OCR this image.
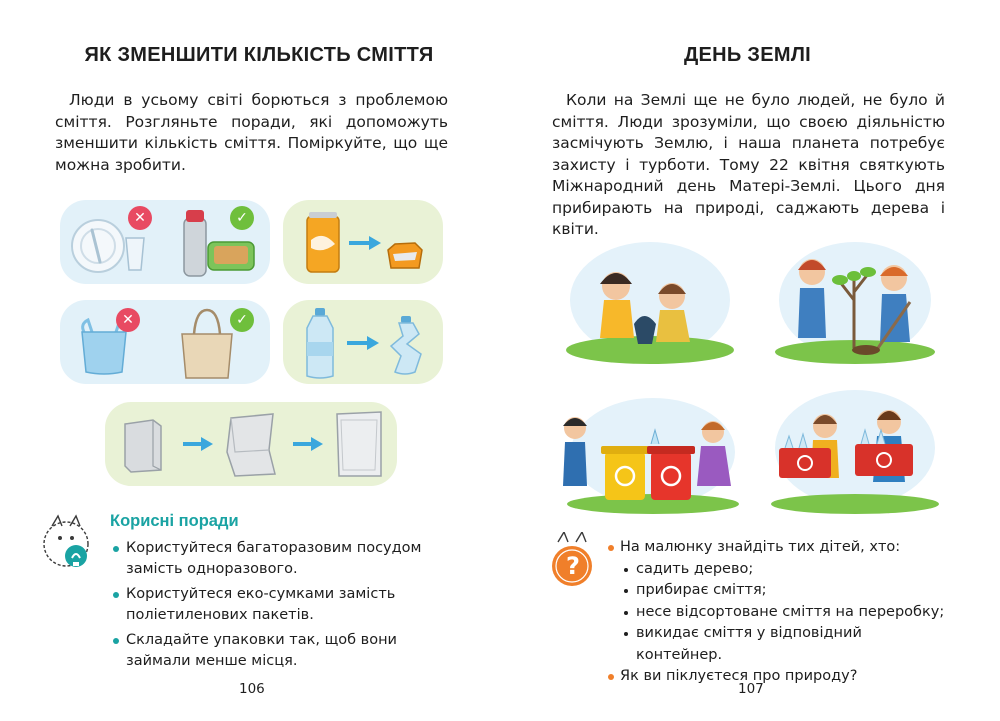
ЯК ЗМЕНШИТИ КІЛЬКІСТЬ СМІТТЯ

Люди в усьому світі борються з проблемою сміття. Розгляньте поради, які допоможуть зменшити кількість сміття. Поміркуйте, що ще можна зробити.

✕	✓
✕	✓

Корисні поради

Користуйтеся багаторазовим посудом замість одноразового.
Користуйтеся еко-сумками замість поліетиленових пакетів.
Складайте упаковки так, щоб вони займали менше місця.
106
ДЕНЬ ЗЕМЛІ

Коли на Землі ще не було людей, не було й сміття. Люди зрозуміли, що своєю діяльністю засмічують Землю, і наша планета потребує захисту і турботи. Тому 22 квітня святкують Міжнародний день Матері-Землі. Цього дня прибирають на природі, саджають дерева і квіти.

?
На малюнку знайдіть тих дітей, хто:
садить дерево;
прибирає сміття;
несе відсортоване сміття на переробку;
викидає сміття у відповідний контейнер.
Як ви піклуєтеся про природу?
107
